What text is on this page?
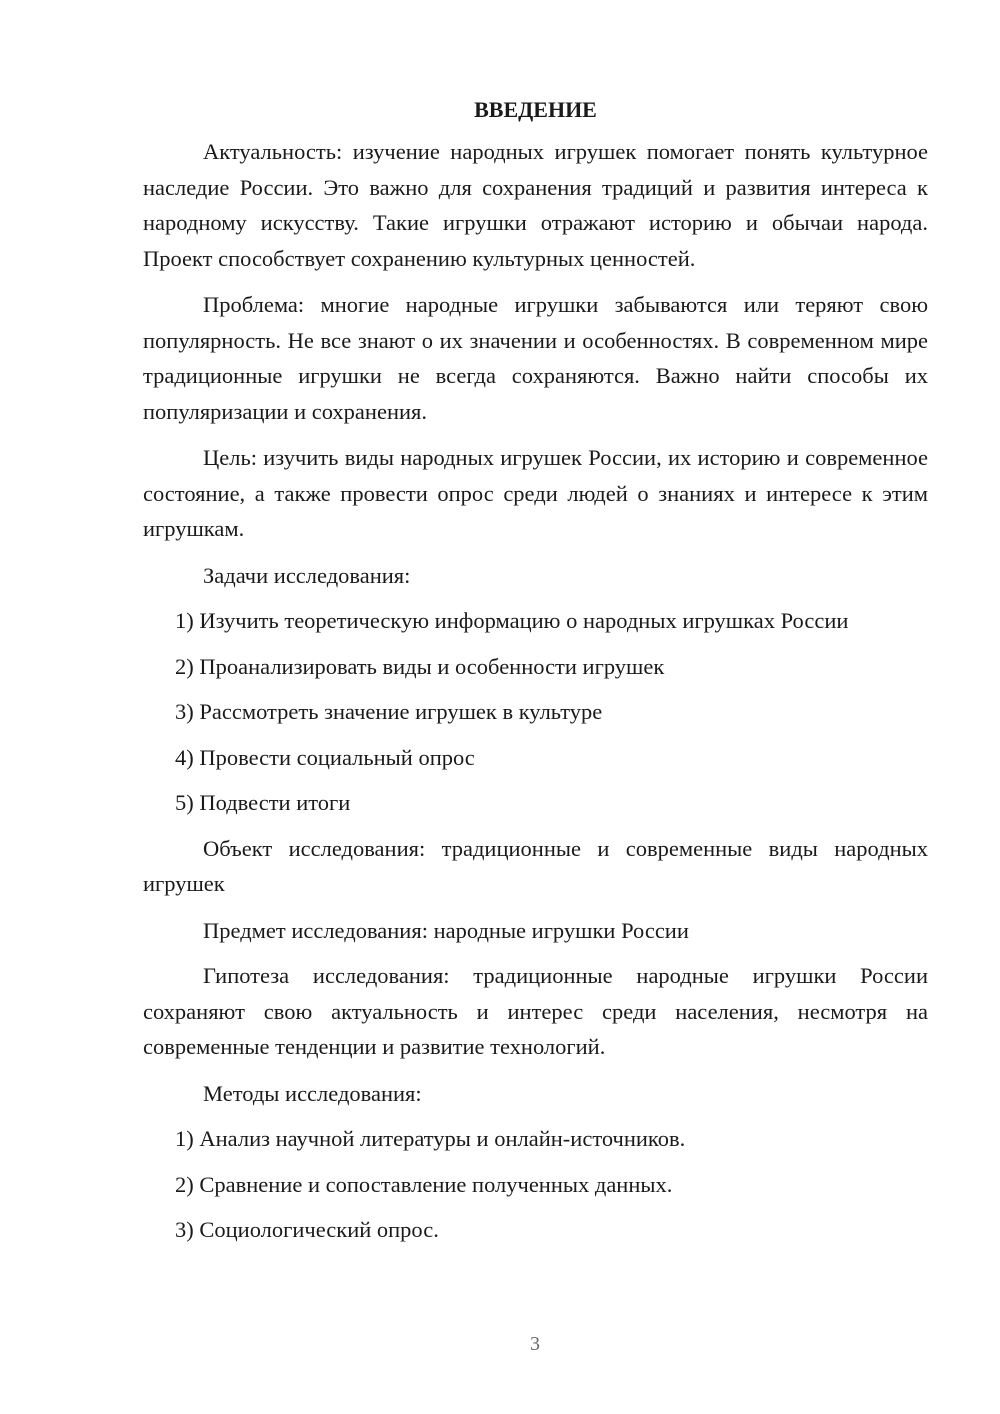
ВВЕДЕНИЕ

Актуальность: изучение народных игрушек помогает понять культурное наследие России. Это важно для сохранения традиций и развития интереса к народному искусству. Такие игрушки отражают историю и обычаи народа. Проект способствует сохранению культурных ценностей.

Проблема: многие народные игрушки забываются или теряют свою популярность. Не все знают о их значении и особенностях. В современном мире традиционные игрушки не всегда сохраняются. Важно найти способы их популяризации и сохранения.

Цель: изучить виды народных игрушек России, их историю и современное состояние, а также провести опрос среди людей о знаниях и интересе к этим игрушкам.

Задачи исследования:

1) Изучить теоретическую информацию о народных игрушках России
2) Проанализировать виды и особенности игрушек
3) Рассмотреть значение игрушек в культуре
4) Провести социальный опрос
5) Подвести итоги

Объект исследования: традиционные и современные виды народных игрушек

Предмет исследования: народные игрушки России

Гипотеза исследования: традиционные народные игрушки России сохраняют свою актуальность и интерес среди населения, несмотря на современные тенденции и развитие технологий.

Методы исследования:

1) Анализ научной литературы и онлайн-источников.
2) Сравнение и сопоставление полученных данных.
3) Социологический опрос.
3
